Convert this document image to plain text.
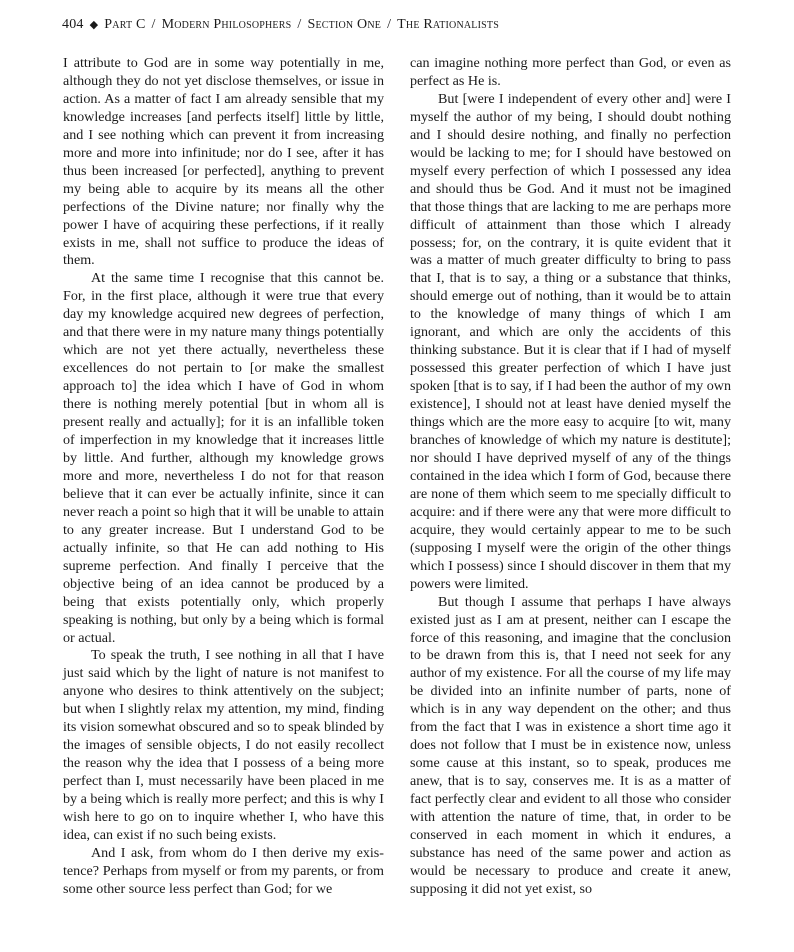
404 ◆ Part C / Modern Philosophers / Section One / The Rationalists

I attribute to God are in some way potentially in me, although they do not yet disclose themselves, or issue in action. As a matter of fact I am already sensible that my knowledge increases [and perfects itself] little by little, and I see nothing which can prevent it from increasing more and more into infinitude; nor do I see, after it has thus been increased [or perfected], anything to prevent my being able to acquire by its means all the other perfections of the Divine nature; nor finally why the power I have of acquiring these perfections, if it really exists in me, shall not suffice to produce the ideas of them.

At the same time I recognise that this cannot be. For, in the first place, although it were true that every day my knowledge acquired new degrees of perfection, and that there were in my nature many things potentially which are not yet there actually, nevertheless these excellences do not pertain to [or make the smallest approach to] the idea which I have of God in whom there is nothing merely potential [but in whom all is present really and actually]; for it is an infallible token of imperfection in my knowledge that it increases little by little. And further, although my knowledge grows more and more, nevertheless I do not for that reason believe that it can ever be actually infinite, since it can never reach a point so high that it will be unable to attain to any greater increase. But I understand God to be actually infinite, so that He can add nothing to His supreme perfection. And finally I perceive that the objective being of an idea cannot be produced by a being that exists potentially only, which properly speaking is nothing, but only by a being which is formal or actual.

To speak the truth, I see nothing in all that I have just said which by the light of nature is not manifest to anyone who desires to think attentively on the subject; but when I slightly relax my attention, my mind, finding its vision somewhat obscured and so to speak blinded by the images of sensible objects, I do not easily recollect the reason why the idea that I possess of a being more perfect than I, must necessarily have been placed in me by a being which is really more perfect; and this is why I wish here to go on to inquire whether I, who have this idea, can exist if no such being exists.

And I ask, from whom do I then derive my existence? Perhaps from myself or from my parents, or from some other source less perfect than God; for we

can imagine nothing more perfect than God, or even as perfect as He is.

But [were I independent of every other and] were I myself the author of my being, I should doubt nothing and I should desire nothing, and finally no perfection would be lacking to me; for I should have bestowed on myself every perfection of which I possessed any idea and should thus be God. And it must not be imagined that those things that are lacking to me are perhaps more difficult of attainment than those which I already possess; for, on the contrary, it is quite evident that it was a matter of much greater difficulty to bring to pass that I, that is to say, a thing or a substance that thinks, should emerge out of nothing, than it would be to attain to the knowledge of many things of which I am ignorant, and which are only the accidents of this thinking substance. But it is clear that if I had of myself possessed this greater perfection of which I have just spoken [that is to say, if I had been the author of my own existence], I should not at least have denied myself the things which are the more easy to acquire [to wit, many branches of knowledge of which my nature is destitute]; nor should I have deprived myself of any of the things contained in the idea which I form of God, because there are none of them which seem to me specially difficult to acquire: and if there were any that were more difficult to acquire, they would certainly appear to me to be such (supposing I myself were the origin of the other things which I possess) since I should discover in them that my powers were limited.

But though I assume that perhaps I have always existed just as I am at present, neither can I escape the force of this reasoning, and imagine that the conclusion to be drawn from this is, that I need not seek for any author of my existence. For all the course of my life may be divided into an infinite number of parts, none of which is in any way dependent on the other; and thus from the fact that I was in existence a short time ago it does not follow that I must be in existence now, unless some cause at this instant, so to speak, produces me anew, that is to say, conserves me. It is as a matter of fact perfectly clear and evident to all those who consider with attention the nature of time, that, in order to be conserved in each moment in which it endures, a substance has need of the same power and action as would be necessary to produce and create it anew, supposing it did not yet exist, so
